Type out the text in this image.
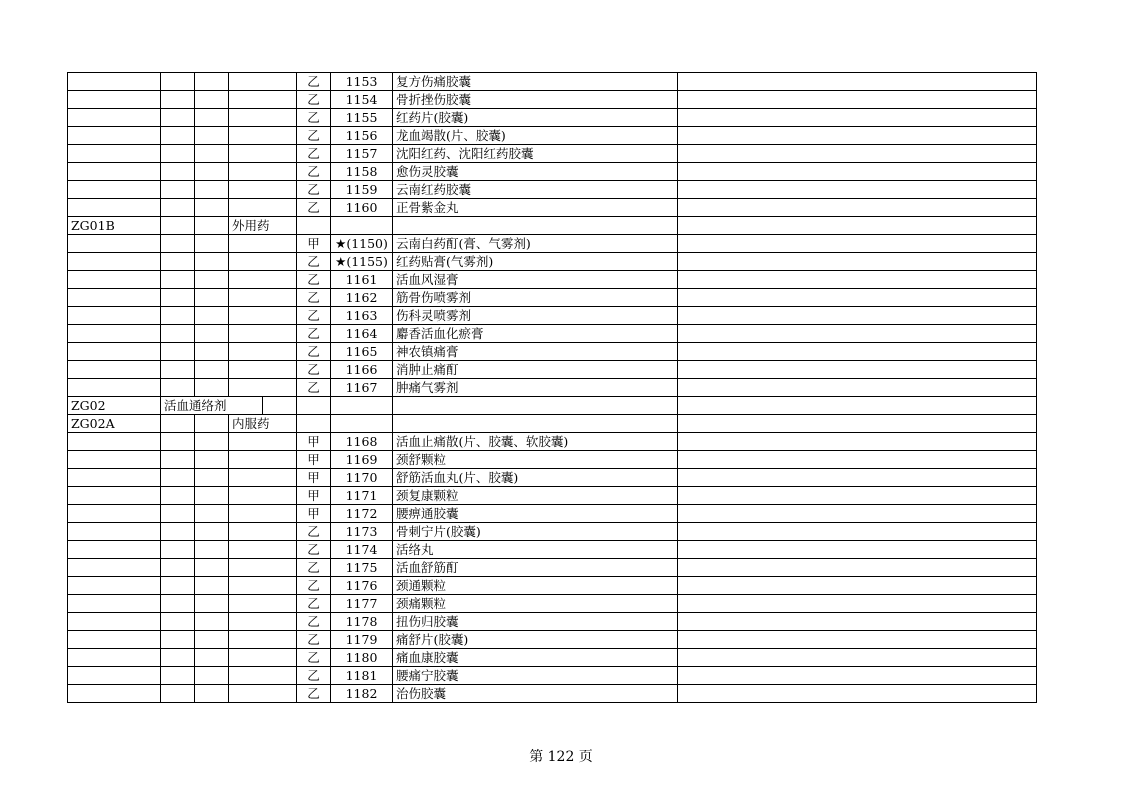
					乙	1153	复方伤痛胶囊	
					乙	1154	骨折挫伤胶囊	
					乙	1155	红药片(胶囊)	
					乙	1156	龙血竭散(片、胶囊)	
					乙	1157	沈阳红药、沈阳红药胶囊	
					乙	1158	愈伤灵胶囊	
					乙	1159	云南红药胶囊	
					乙	1160	正骨紫金丸	
ZG01B			外用药					
					甲	★(1150)	云南白药酊(膏、气雾剂)	
					乙	★(1155)	红药贴膏(气雾剂)	
					乙	1161	活血风湿膏	
					乙	1162	筋骨伤喷雾剂	
					乙	1163	伤科灵喷雾剂	
					乙	1164	麝香活血化瘀膏	
					乙	1165	神农镇痛膏	
					乙	1166	消肿止痛酊	
					乙	1167	肿痛气雾剂	
ZG02	活血通络剂							
ZG02A			内服药					
					甲	1168	活血止痛散(片、胶囊、软胶囊)	
					甲	1169	颈舒颗粒	
					甲	1170	舒筋活血丸(片、胶囊)	
					甲	1171	颈复康颗粒	
					甲	1172	腰痹通胶囊	
					乙	1173	骨刺宁片(胶囊)	
					乙	1174	活络丸	
					乙	1175	活血舒筋酊	
					乙	1176	颈通颗粒	
					乙	1177	颈痛颗粒	
					乙	1178	扭伤归胶囊	
					乙	1179	痛舒片(胶囊)	
					乙	1180	痛血康胶囊	
					乙	1181	腰痛宁胶囊	
					乙	1182	治伤胶囊	
第 122 页
